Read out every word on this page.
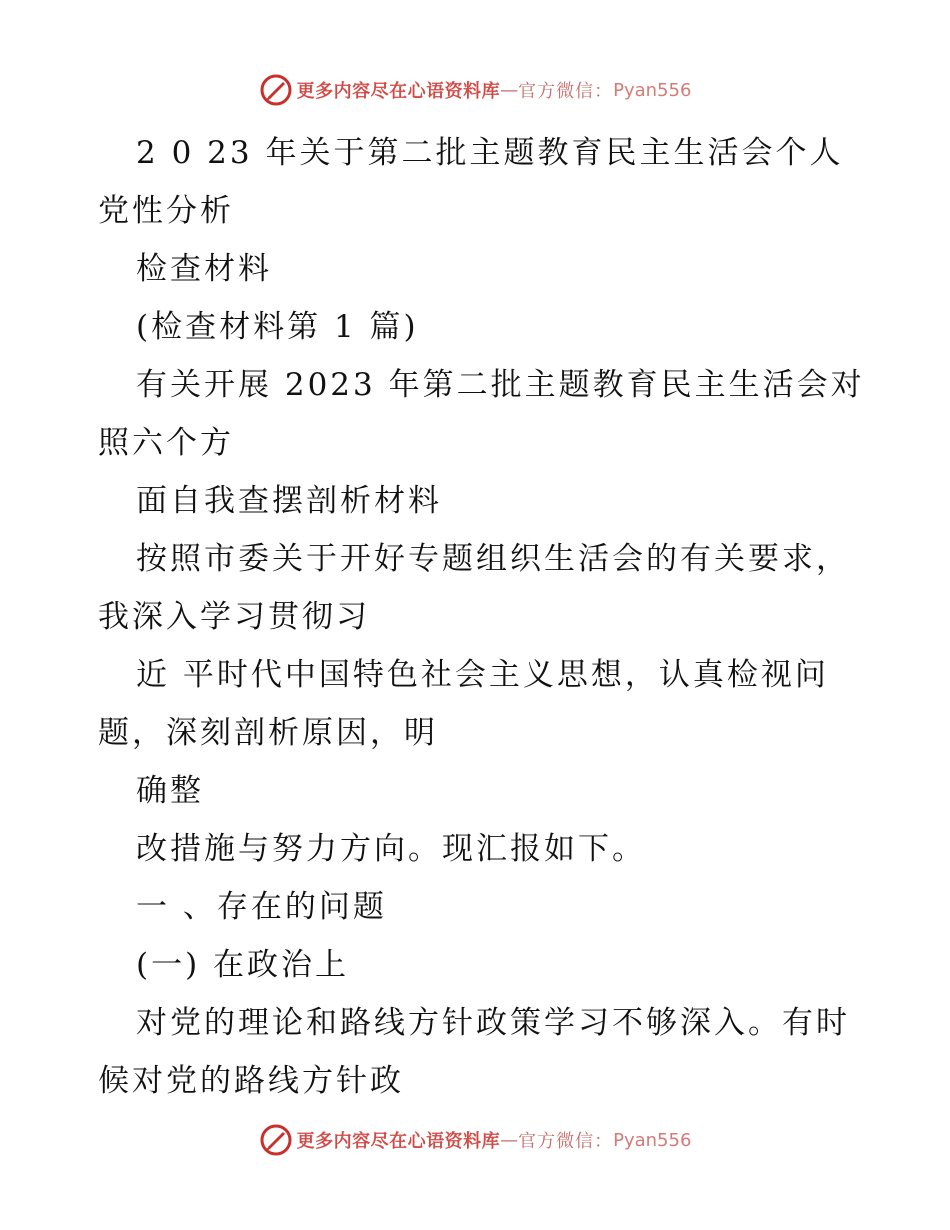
更多内容尽在心语资料库 — 官方微信： Pyan556

2 0 23 年关于第二批主题教育民主生活会个人

党性分析

检查材料

(检查材料第 1 篇)

有关开展 2023 年第二批主题教育民主生活会对

照六个方

面自我查摆剖析材料

按照市委关于开好专题组织生活会的有关要求，

我深入学习贯彻习

近 平时代中国特色社会主义思想，认真检视问

题，深刻剖析原因，明

确整

改措施与努力方向。现汇报如下。

一 、存在的问题

(一) 在政治上

对党的理论和路线方针政策学习不够深入。有时

候对党的路线方针政

更多内容尽在心语资料库 — 官方微信： Pyan556
